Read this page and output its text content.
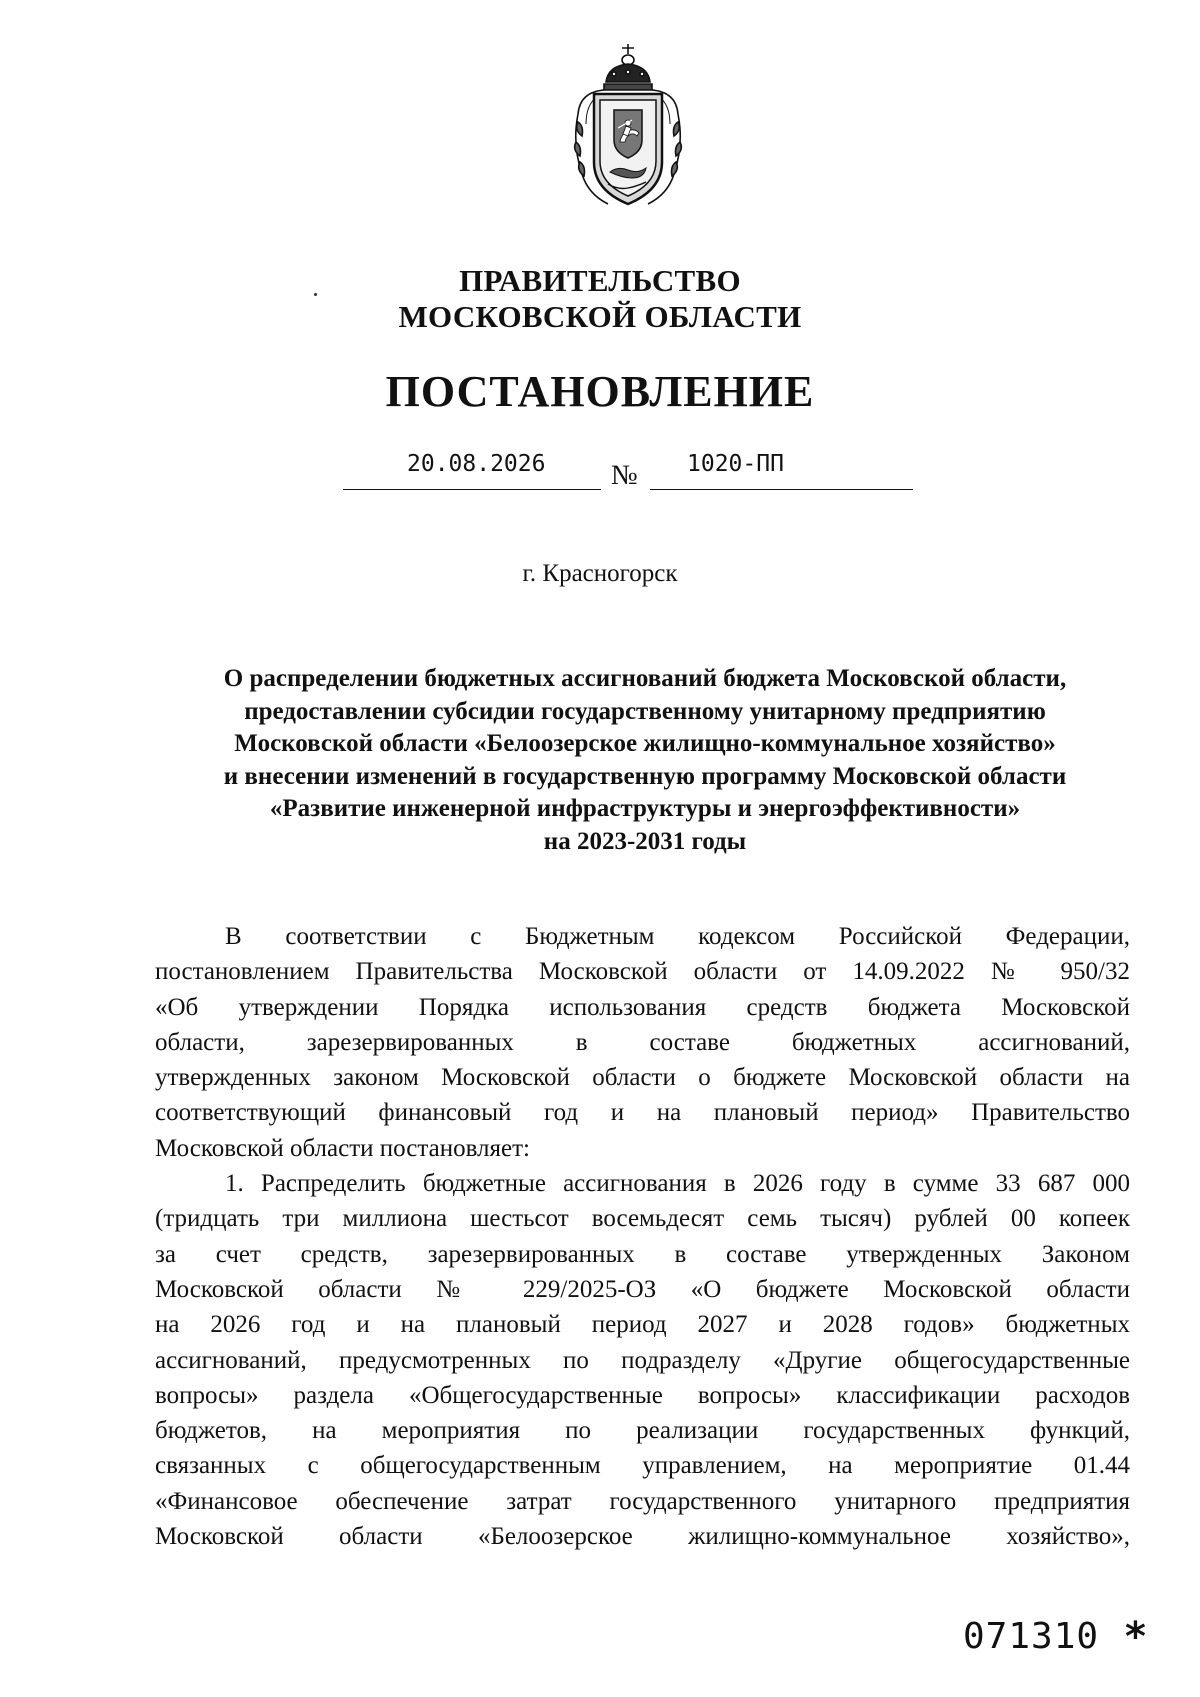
ПРАВИТЕЛЬСТВО
МОСКОВСКОЙ ОБЛАСТИ
ПОСТАНОВЛЕНИЕ
20.08.2026	№ 1020-ПП
г. Красногорск
О распределении бюджетных ассигнований бюджета Московской области,
предоставлении субсидии государственному унитарному предприятию
Московской области «Белоозерское жилищно-коммунальное хозяйство»
и внесении изменений в государственную программу Московской области
«Развитие инженерной инфраструктуры и энергоэффективности»
на 2023-2031 годы
В соответствии с Бюджетным кодексом Российской Федерации,
постановлением Правительства Московской области от 14.09.2022 № 950/32
«Об утверждении Порядка использования средств бюджета Московской
области, зарезервированных в составе бюджетных ассигнований,
утвержденных законом Московской области о бюджете Московской области на
соответствующий финансовый год и на плановый период» Правительство
Московской области постановляет:
1. Распределить бюджетные ассигнования в 2026 году в сумме 33 687 000
(тридцать три миллиона шестьсот восемьдесят семь тысяч) рублей 00 копеек
за счет средств, зарезервированных в составе утвержденных Законом
Московской области № 229/2025-ОЗ «О бюджете Московской области
на 2026 год и на плановый период 2027 и 2028 годов» бюджетных
ассигнований, предусмотренных по подразделу «Другие общегосударственные
вопросы» раздела «Общегосударственные вопросы» классификации расходов
бюджетов, на мероприятия по реализации государственных функций,
связанных с общегосударственным управлением, на мероприятие 01.44
«Финансовое обеспечение затрат государственного унитарного предприятия
Московской области «Белоозерское жилищно-коммунальное хозяйство»,
071310 *
